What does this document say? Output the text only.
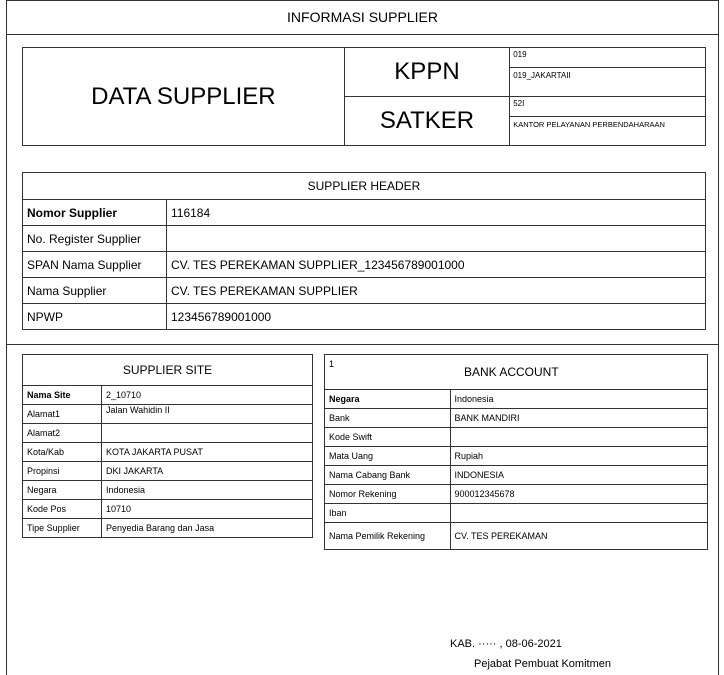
INFORMASI SUPPLIER
DATA SUPPLIER	KPPN	019
019_JAKARTAII

	SATKER	52I
KANTOR PELAYANAN PERBENDAHARAAN
SUPPLIER HEADER	
Nomor Supplier	116184
No. Register Supplier	
SPAN Nama Supplier	CV. TES PEREKAMAN SUPPLIER_123456789001000
Nama Supplier	CV. TES PEREKAMAN SUPPLIER
NPWP	123456789001000
SUPPLIER SITE	
Nama Site	2_10710
Alamat1	Jalan Wahidin II
Alamat2	
Kota/Kab	KOTA JAKARTA PUSAT
Propinsi	DKI JAKARTA
Negara	Indonesia
Kode Pos	10710
Tipe Supplier	Penyedia Barang dan Jasa
1	BANK ACCOUNT
Negara	Indonesia
Bank	BANK MANDIRI
Kode Swift	
Mata Uang	Rupiah
Nama Cabang Bank	INDONESIA
Nomor Rekening	900012345678
Iban	
Nama Pemilik Rekening	CV. TES PEREKAMAN
KAB. ····· , 08-06-2021
Pejabat Pembuat Komitmen
